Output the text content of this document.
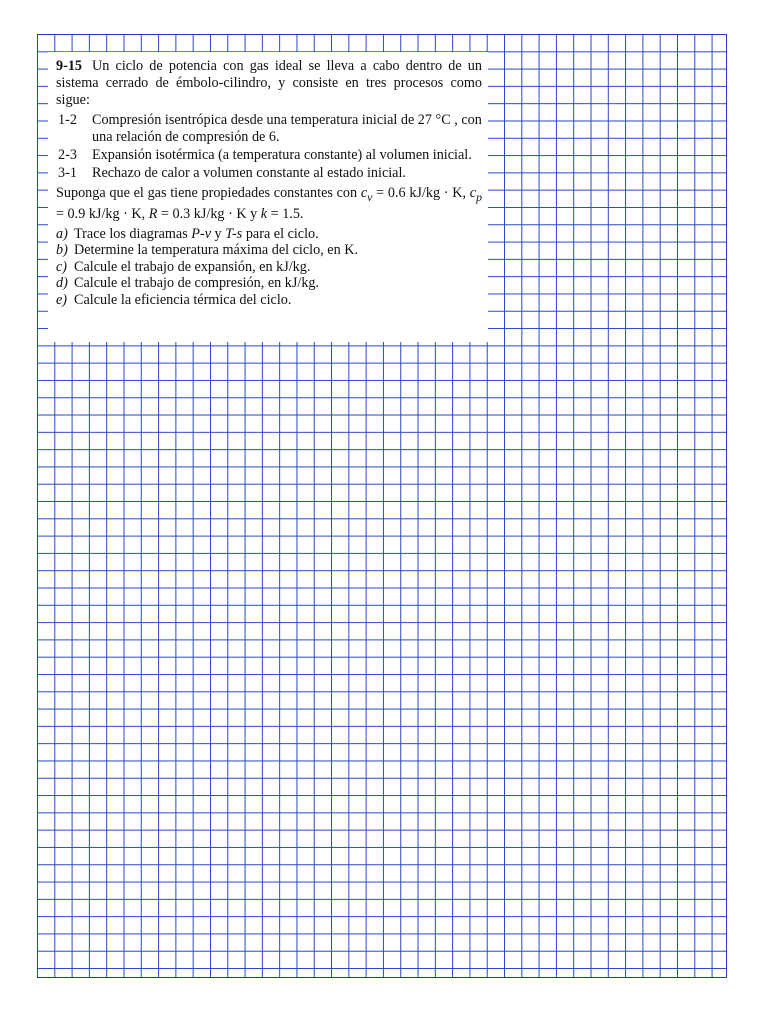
9-15 Un ciclo de potencia con gas ideal se lleva a cabo dentro de un sistema cerrado de émbolo-cilindro, y consiste en tres procesos como sigue:

1-2	Compresión isentrópica desde una temperatura inicial de 27 °C , con una relación de compresión de 6.
2-3	Expansión isotérmica (a temperatura constante) al volumen inicial.
3-1	Rechazo de calor a volumen constante al estado inicial.

Suponga que el gas tiene propiedades constantes con $c_v = 0.6$ kJ/kg · K, $c_p = 0.9$ kJ/kg · K, R = 0.3 kJ/kg · K y k = 1.5.

a) Trace los diagramas P-v y T-s para el ciclo.
b) Determine la temperatura máxima del ciclo, en K.
c) Calcule el trabajo de expansión, en kJ/kg.
d) Calcule el trabajo de compresión, en kJ/kg.
e) Calcule la eficiencia térmica del ciclo.
